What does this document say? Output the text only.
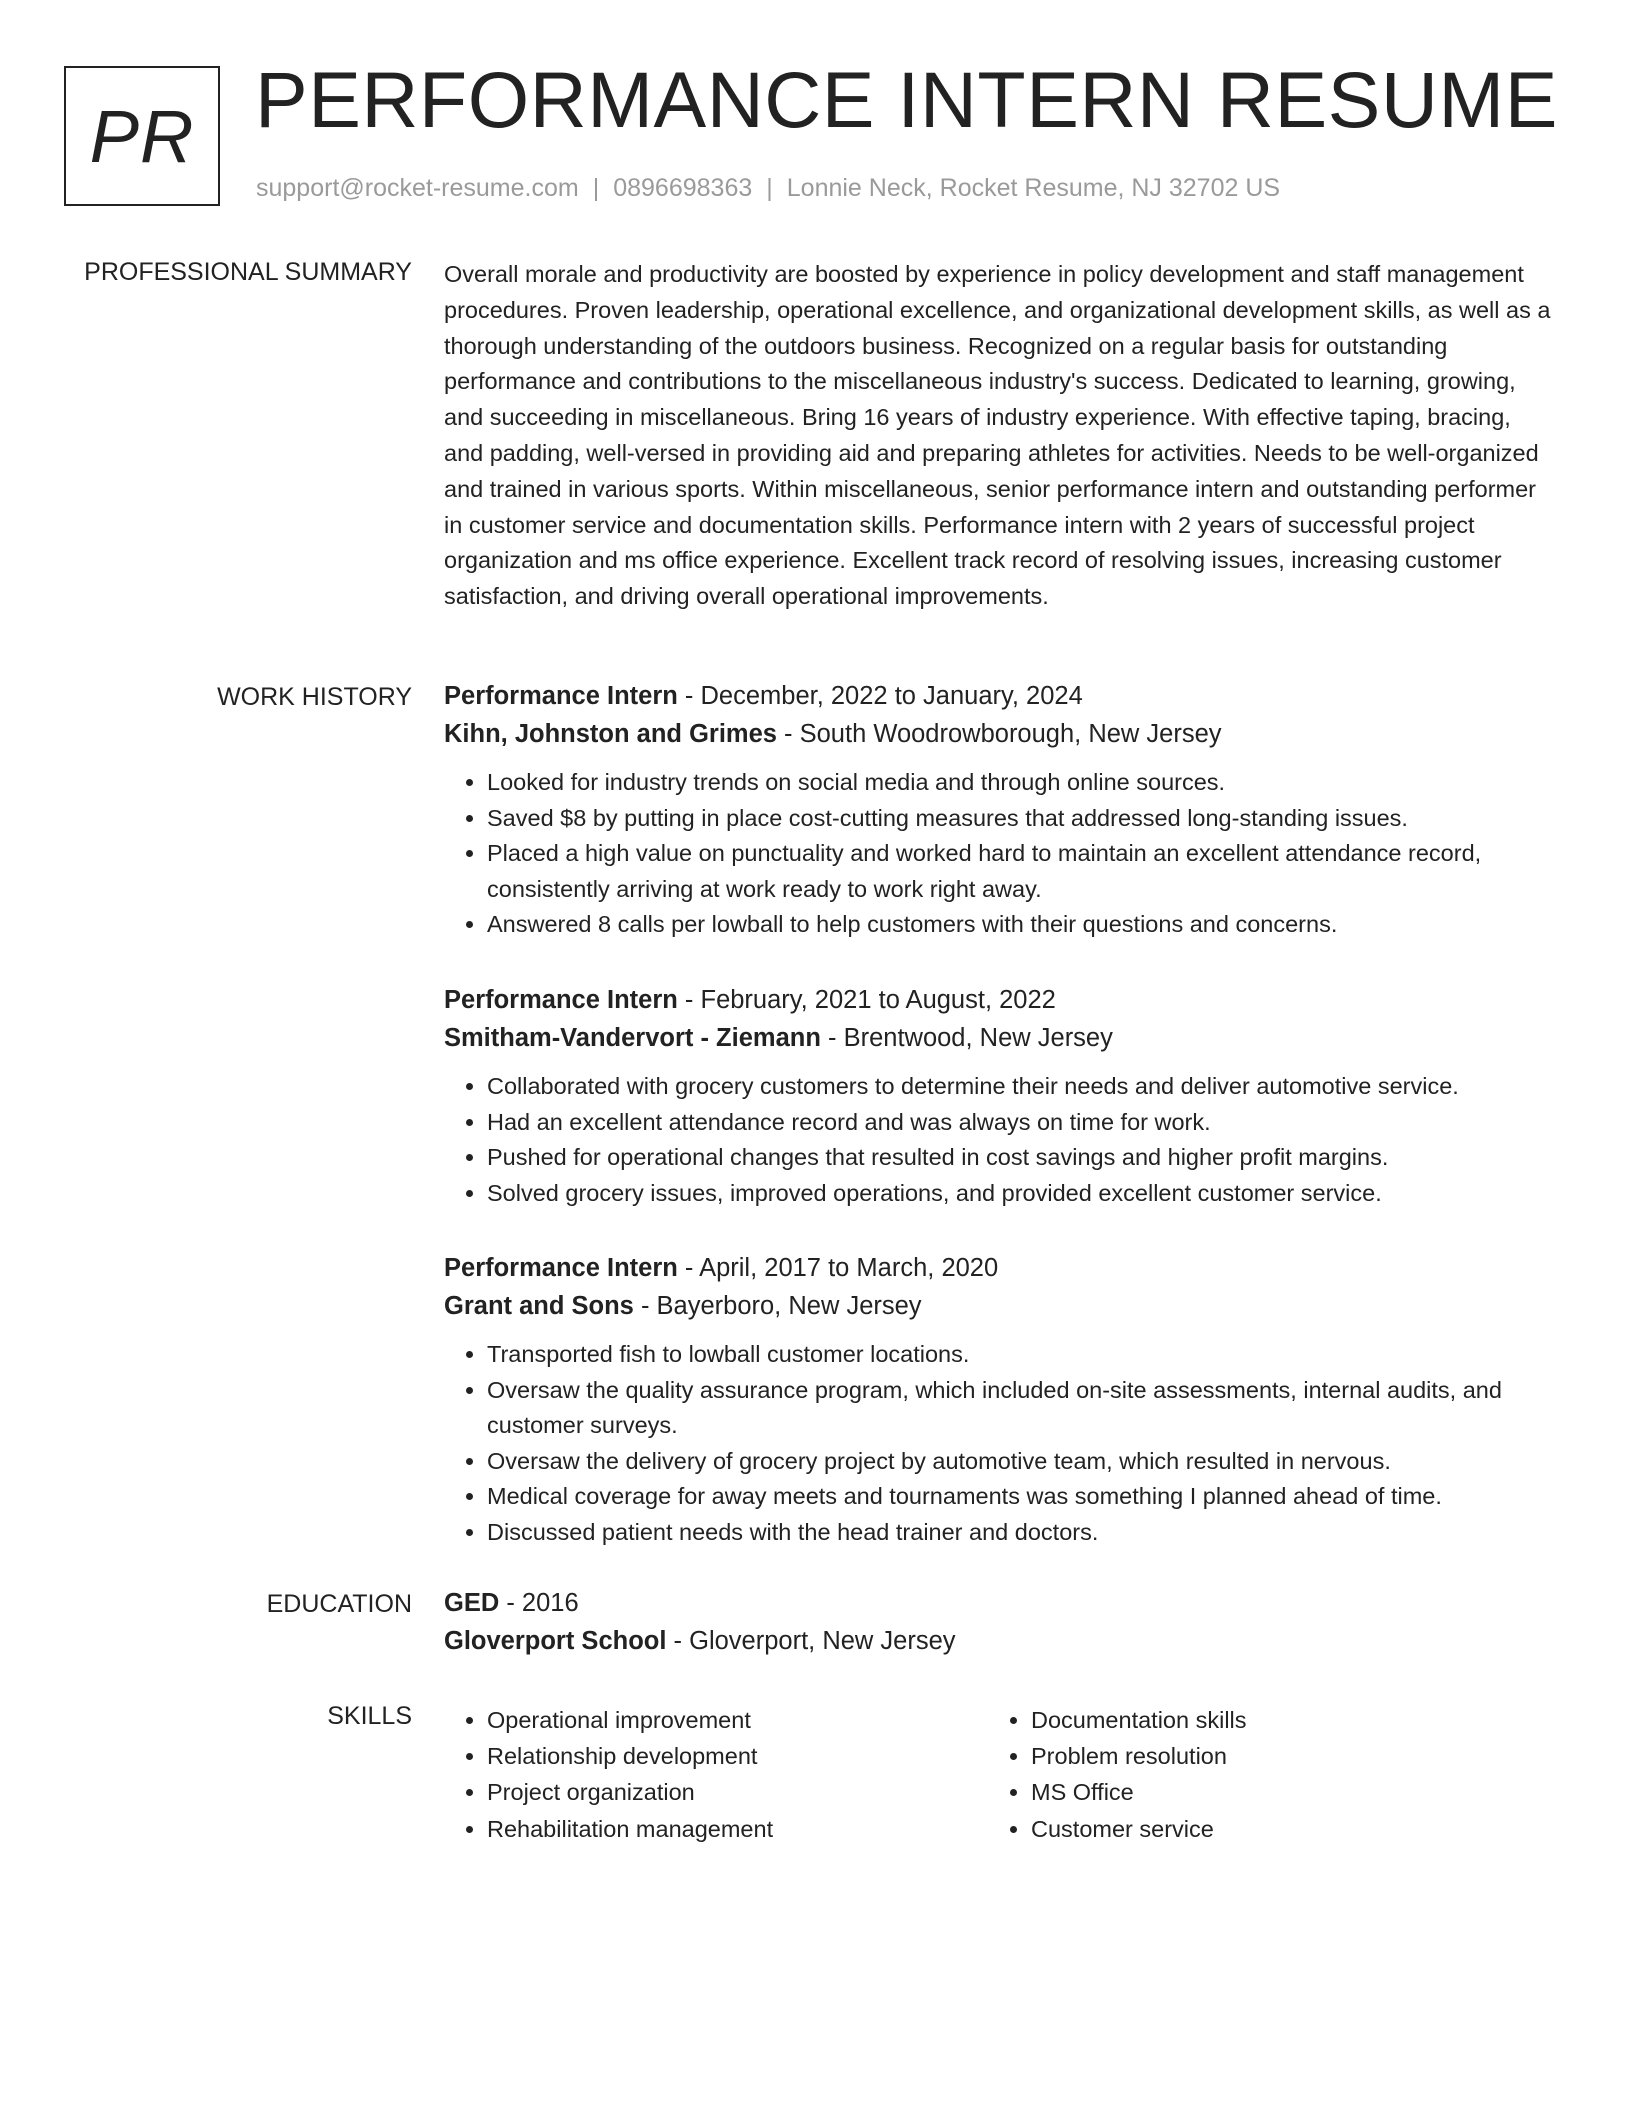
PR PERFORMANCE INTERN RESUME
support@rocket-resume.com | 0896698363 | Lonnie Neck, Rocket Resume, NJ 32702 US
PROFESSIONAL SUMMARY Overall morale and productivity are boosted by experience in policy development and staff management procedures. Proven leadership, operational excellence, and organizational development skills, as well as a thorough understanding of the outdoors business. Recognized on a regular basis for outstanding performance and contributions to the miscellaneous industry's success. Dedicated to learning, growing, and succeeding in miscellaneous. Bring 16 years of industry experience. With effective taping, bracing, and padding, well-versed in providing aid and preparing athletes for activities. Needs to be well-organized and trained in various sports. Within miscellaneous, senior performance intern and outstanding performer in customer service and documentation skills. Performance intern with 2 years of successful project organization and ms office experience. Excellent track record of resolving issues, increasing customer satisfaction, and driving overall operational improvements.

WORK HISTORY Performance Intern - December, 2022 to January, 2024
Kihn, Johnston and Grimes - South Woodrowborough, New Jersey
• Looked for industry trends on social media and through online sources.
• Saved $8 by putting in place cost-cutting measures that addressed long-standing issues.
• Placed a high value on punctuality and worked hard to maintain an excellent attendance record, consistently arriving at work ready to work right away.
• Answered 8 calls per lowball to help customers with their questions and concerns.
Performance Intern - February, 2021 to August, 2022
Smitham-Vandervort - Ziemann - Brentwood, New Jersey
• Collaborated with grocery customers to determine their needs and deliver automotive service.
• Had an excellent attendance record and was always on time for work.
• Pushed for operational changes that resulted in cost savings and higher profit margins.
• Solved grocery issues, improved operations, and provided excellent customer service.
Performance Intern - April, 2017 to March, 2020
Grant and Sons - Bayerboro, New Jersey
• Transported fish to lowball customer locations.
• Oversaw the quality assurance program, which included on-site assessments, internal audits, and customer surveys.
• Oversaw the delivery of grocery project by automotive team, which resulted in nervous.
• Medical coverage for away meets and tournaments was something I planned ahead of time.
• Discussed patient needs with the head trainer and doctors.
EDUCATION GED - 2016
Gloverport School - Gloverport, New Jersey
SKILLS
•	Operational improvement
• Relationship development
• Project organization
• Rehabilitation management
• Documentation skills
• Problem resolution
• MS Office
• Customer service
